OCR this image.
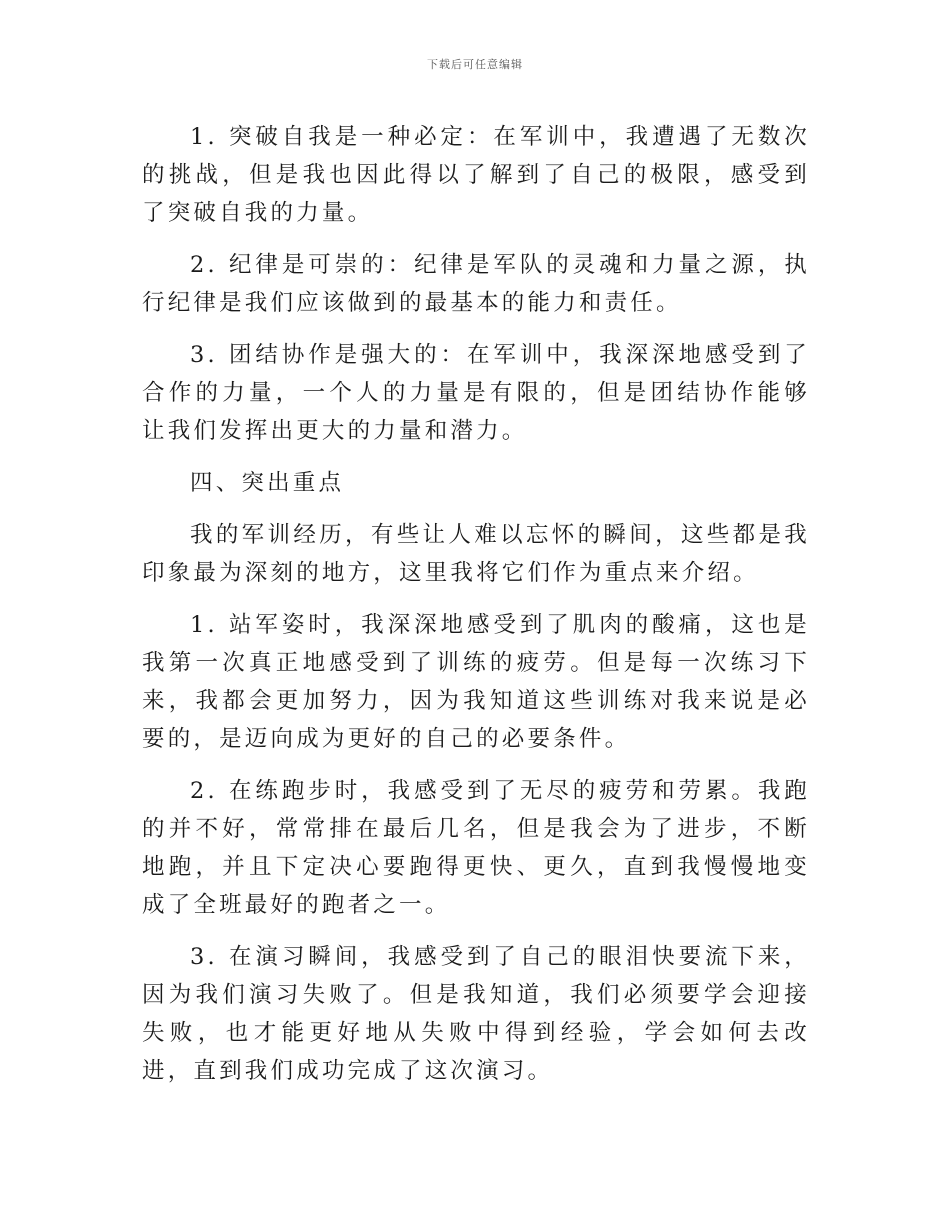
下载后可任意编辑

1. 突破自我是一种必定：在军训中，我遭遇了无数次的挑战，但是我也因此得以了解到了自己的极限，感受到了突破自我的力量。

2. 纪律是可崇的：纪律是军队的灵魂和力量之源，执行纪律是我们应该做到的最基本的能力和责任。

3. 团结协作是强大的：在军训中，我深深地感受到了合作的力量，一个人的力量是有限的，但是团结协作能够让我们发挥出更大的力量和潜力。

四、突出重点

我的军训经历，有些让人难以忘怀的瞬间，这些都是我印象最为深刻的地方，这里我将它们作为重点来介绍。

1. 站军姿时，我深深地感受到了肌肉的酸痛，这也是我第一次真正地感受到了训练的疲劳。但是每一次练习下来，我都会更加努力，因为我知道这些训练对我来说是必要的，是迈向成为更好的自己的必要条件。

2. 在练跑步时，我感受到了无尽的疲劳和劳累。我跑的并不好，常常排在最后几名，但是我会为了进步，不断地跑，并且下定决心要跑得更快、更久，直到我慢慢地变成了全班最好的跑者之一。

3. 在演习瞬间，我感受到了自己的眼泪快要流下来，因为我们演习失败了。但是我知道，我们必须要学会迎接失败，也才能更好地从失败中得到经验，学会如何去改进，直到我们成功完成了这次演习。
